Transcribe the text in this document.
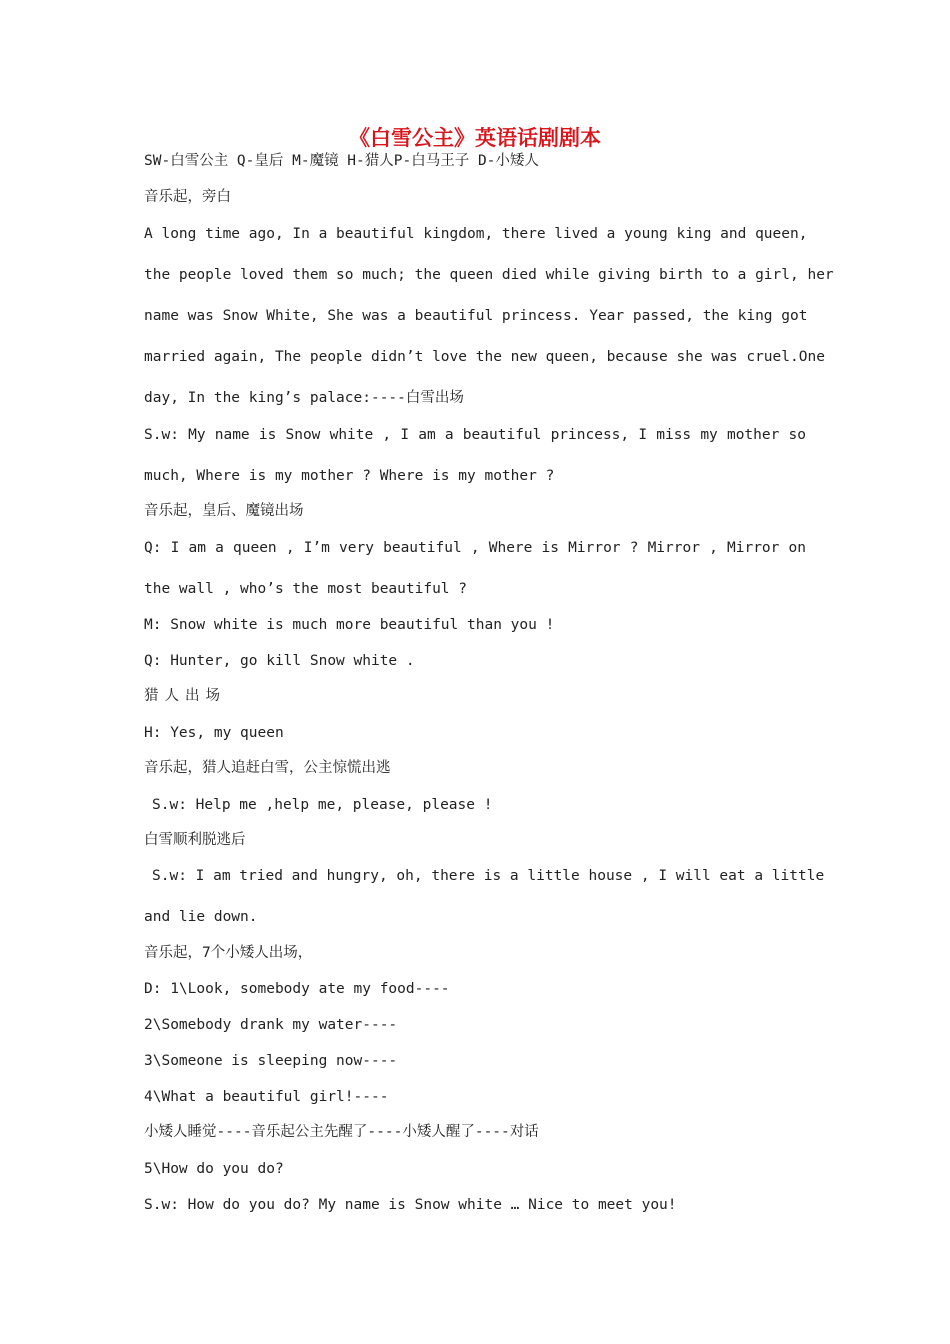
《白雪公主》英语话剧剧本
SW-白雪公主 Q-皇后 M-魔镜 H-猎人P-白马王子 D-小矮人
音乐起，旁白
A long time ago, In a beautiful kingdom, there lived a young king and queen,
the people loved them so much; the queen died while giving birth to a girl, her
name was Snow White, She was a beautiful princess. Year passed, the king got
married again, The people didn’t love the new queen, because she was cruel.One
day, In the king’s palace:----白雪出场
S.w: My name is Snow white , I am a beautiful princess, I miss my mother so
much, Where is my mother ? Where is my mother ?
音乐起，皇后、魔镜出场
Q: I am a queen , I’m very beautiful , Where is Mirror ? Mirror , Mirror on
the wall , who’s the most beautiful ?
M: Snow white is much more beautiful than you !
Q: Hunter, go kill Snow white .
猎人出场
H: Yes, my queen
音乐起，猎人追赶白雪，公主惊慌出逃
S.w: Help me ,help me, please, please !
白雪顺利脱逃后
S.w: I am tried and hungry, oh, there is a little house , I will eat a little
and lie down.
音乐起，7个小矮人出场，
D: 1\Look, somebody ate my food----
2\Somebody drank my water----
3\Someone is sleeping now----
4\What a beautiful girl!----
小矮人睡觉----音乐起公主先醒了----小矮人醒了----对话
5\How do you do?
S.w: How do you do? My name is Snow white … Nice to meet you!
